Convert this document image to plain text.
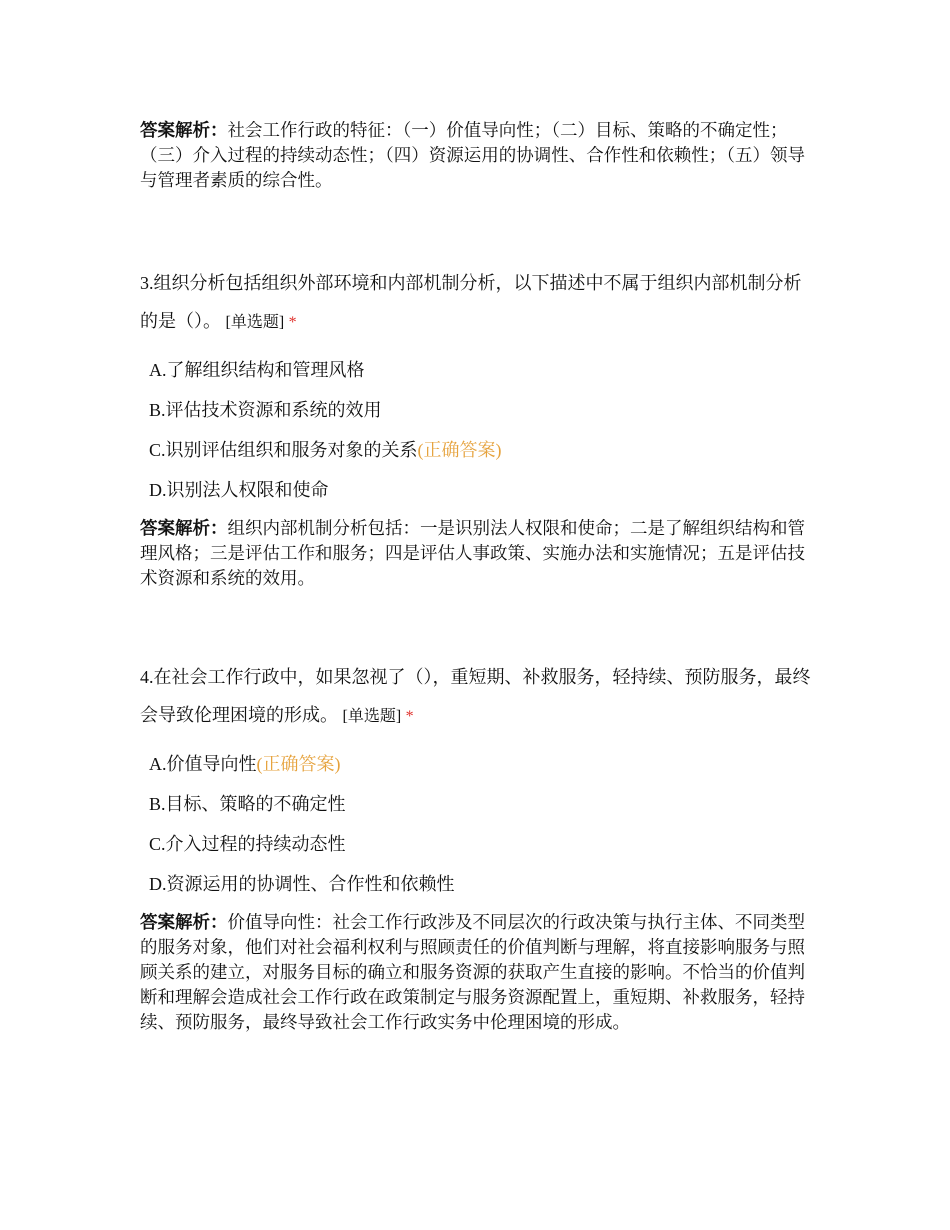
答案解析：社会工作行政的特征：（一）价值导向性；（二）目标、策略的不确定性；（三）介入过程的持续动态性；（四）资源运用的协调性、合作性和依赖性；（五）领导与管理者素质的综合性。

3.组织分析包括组织外部环境和内部机制分析，以下描述中不属于组织内部机制分析的是（）。 [单选题] *

A.了解组织结构和管理风格
B.评估技术资源和系统的效用
C.识别评估组织和服务对象的关系(正确答案)
D.识别法人权限和使命

答案解析：组织内部机制分析包括：一是识别法人权限和使命；二是了解组织结构和管理风格；三是评估工作和服务；四是评估人事政策、实施办法和实施情况；五是评估技术资源和系统的效用。

4.在社会工作行政中，如果忽视了（），重短期、补救服务，轻持续、预防服务，最终会导致伦理困境的形成。 [单选题] *

A.价值导向性(正确答案)
B.目标、策略的不确定性
C.介入过程的持续动态性
D.资源运用的协调性、合作性和依赖性

答案解析：价值导向性：社会工作行政涉及不同层次的行政决策与执行主体、不同类型的服务对象，他们对社会福利权利与照顾责任的价值判断与理解，将直接影响服务与照顾关系的建立，对服务目标的确立和服务资源的获取产生直接的影响。不恰当的价值判断和理解会造成社会工作行政在政策制定与服务资源配置上，重短期、补救服务，轻持续、预防服务，最终导致社会工作行政实务中伦理困境的形成。
